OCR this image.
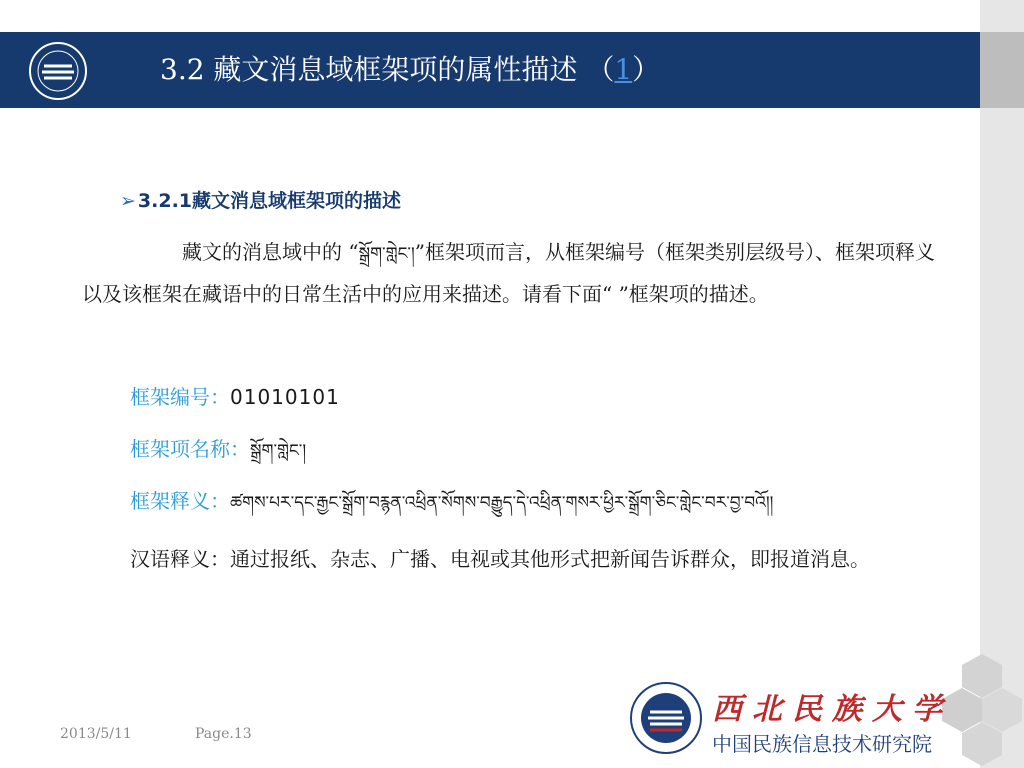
3.2 藏文消息域框架项的属性描述 （1）
➢ 3.2.1藏文消息域框架项的描述
藏文的消息域中的 “སྒྲོག་གླེང་།”框架项而言，从框架编号（框架类别层级号）、框架项释义以及该框架在藏语中的日常生活中的应用来描述。请看下面“ ”框架项的描述。
框架编号：01010101
框架项名称：སྒྲོག་གླེང་།
框架释义：ཚགས་པར་དང་རྒྱང་སྒྲོག་བརྙན་འཕྲིན་སོགས་བརྒྱུད་དེ་འཕྲིན་གསར་ཕྱིར་སྒྲོག་ཅིང་གླེང་བར་བྱ་བའོ།།
汉语释义：通过报纸、杂志、广播、电视或其他形式把新闻告诉群众，即报道消息。
2013/5/11	Page.13
西北民族大学
中国民族信息技术研究院
